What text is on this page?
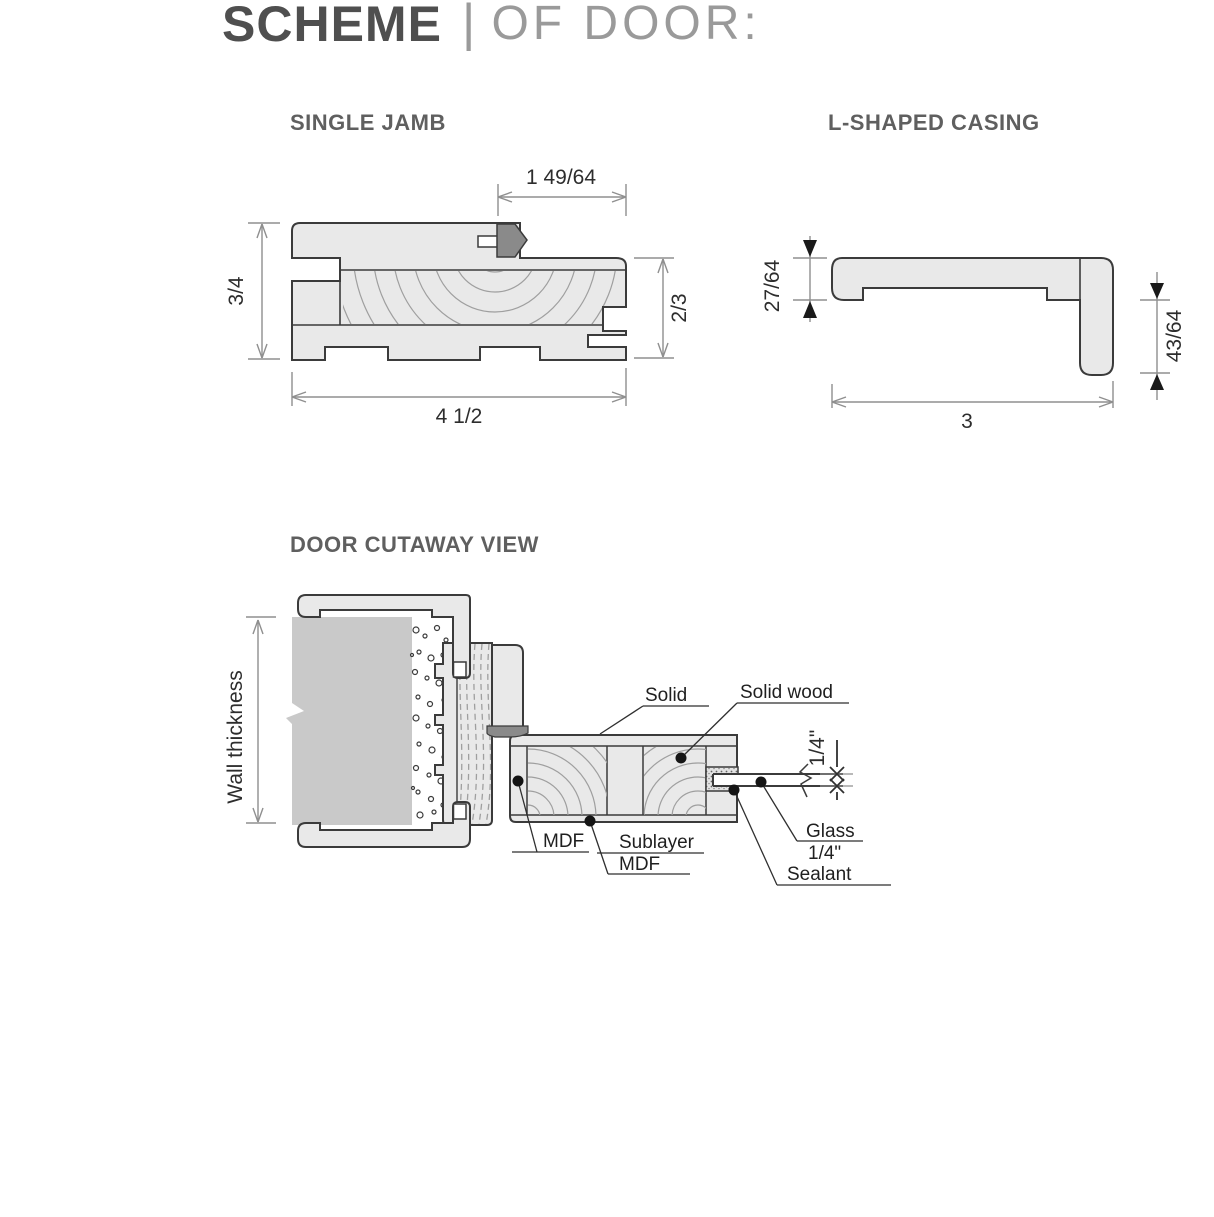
SCHEME | OF DOOR:
SINGLE JAMB	L-SHAPED CASING
DOOR CUTAWAY VIEW
1 49/64
3/4
2/3
4 1/2
27/64
43/64
3
1/4"
Wall thickness	Solid	Solid wood
MDF Sublayer
MDF
Glass
1/4"
Sealant
